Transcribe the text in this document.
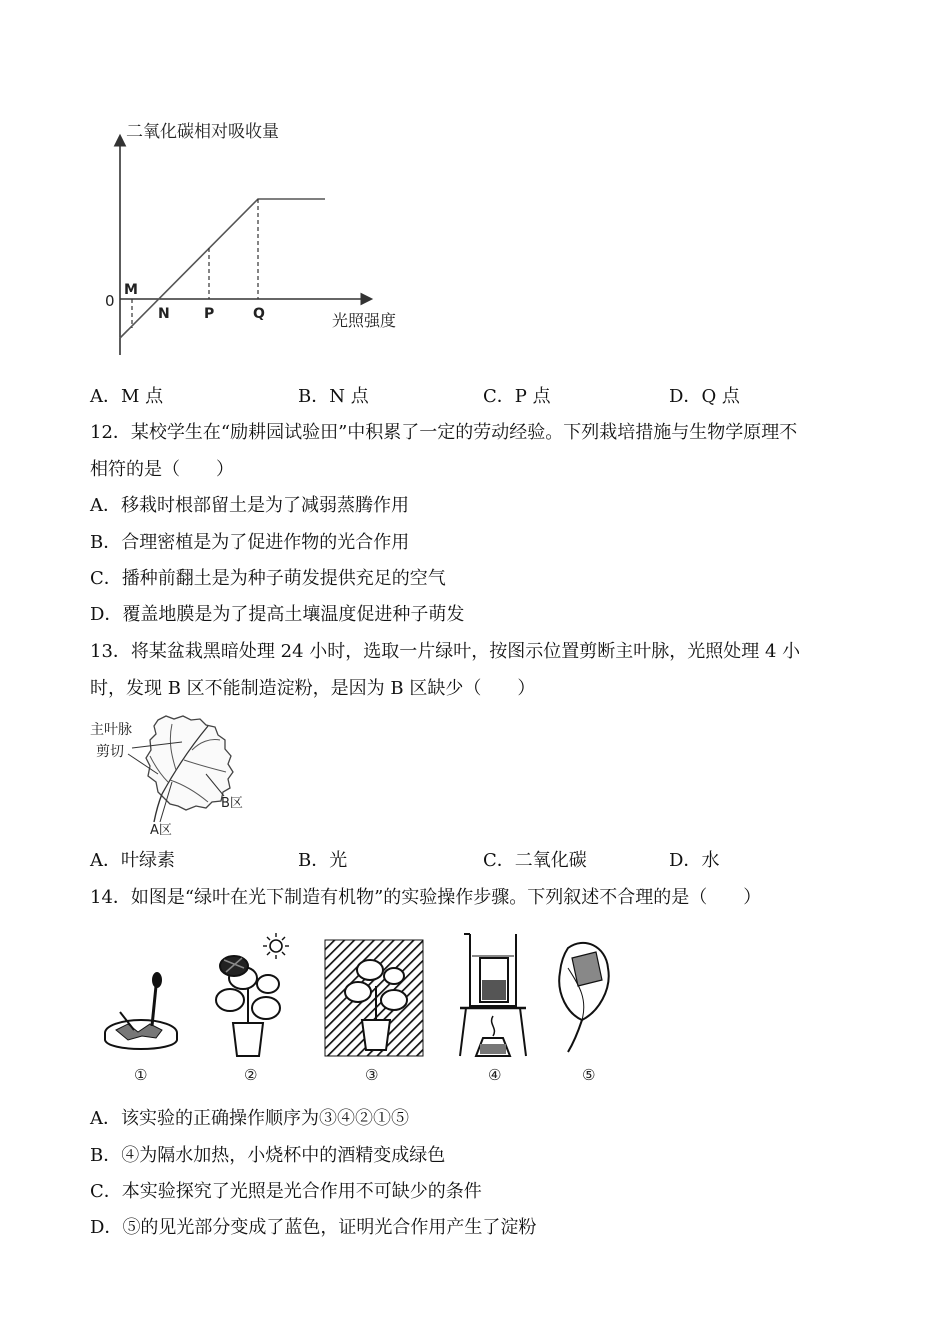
二氧化碳相对吸收量
光照强度
0
M
N P	Q
A．M 点	B．N 点	C．P 点	D．Q 点
12．某校学生在“励耕园试验田”中积累了一定的劳动经验。下列栽培措施与生物学原理不
相符的是（　　）
A．移栽时根部留土是为了减弱蒸腾作用
B．合理密植是为了促进作物的光合作用
C．播种前翻土是为种子萌发提供充足的空气
D．覆盖地膜是为了提高土壤温度促进种子萌发
13．将某盆栽黑暗处理 24 小时，选取一片绿叶，按图示位置剪断主叶脉，光照处理 4 小
时，发现 B 区不能制造淀粉，是因为 B 区缺少（　　）
主叶脉
剪切
B区
A区
A．叶绿素	B．光	C．二氧化碳	D．水
14．如图是“绿叶在光下制造有机物”的实验操作步骤。下列叙述不合理的是（　　）
①	②	③	④	⑤
A．该实验的正确操作顺序为③④②①⑤
B．④为隔水加热，小烧杯中的酒精变成绿色
C．本实验探究了光照是光合作用不可缺少的条件
D．⑤的见光部分变成了蓝色，证明光合作用产生了淀粉
